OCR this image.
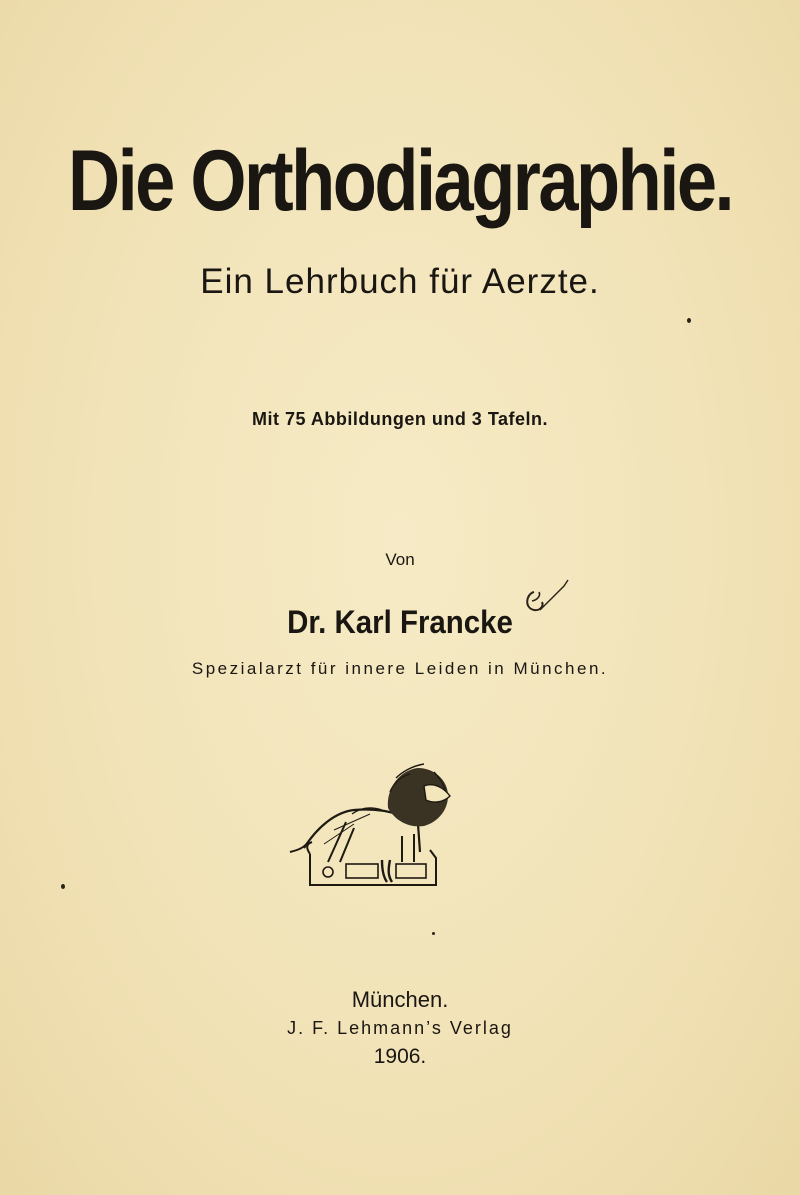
Die Orthodiagraphie.
Ein Lehrbuch für Aerzte.
Mit 75 Abbildungen und 3 Tafeln.
Von
Dr. Karl Francke
Spezialarzt für innere Leiden in München.
München.
J. F. Lehmann’s Verlag
1906.
